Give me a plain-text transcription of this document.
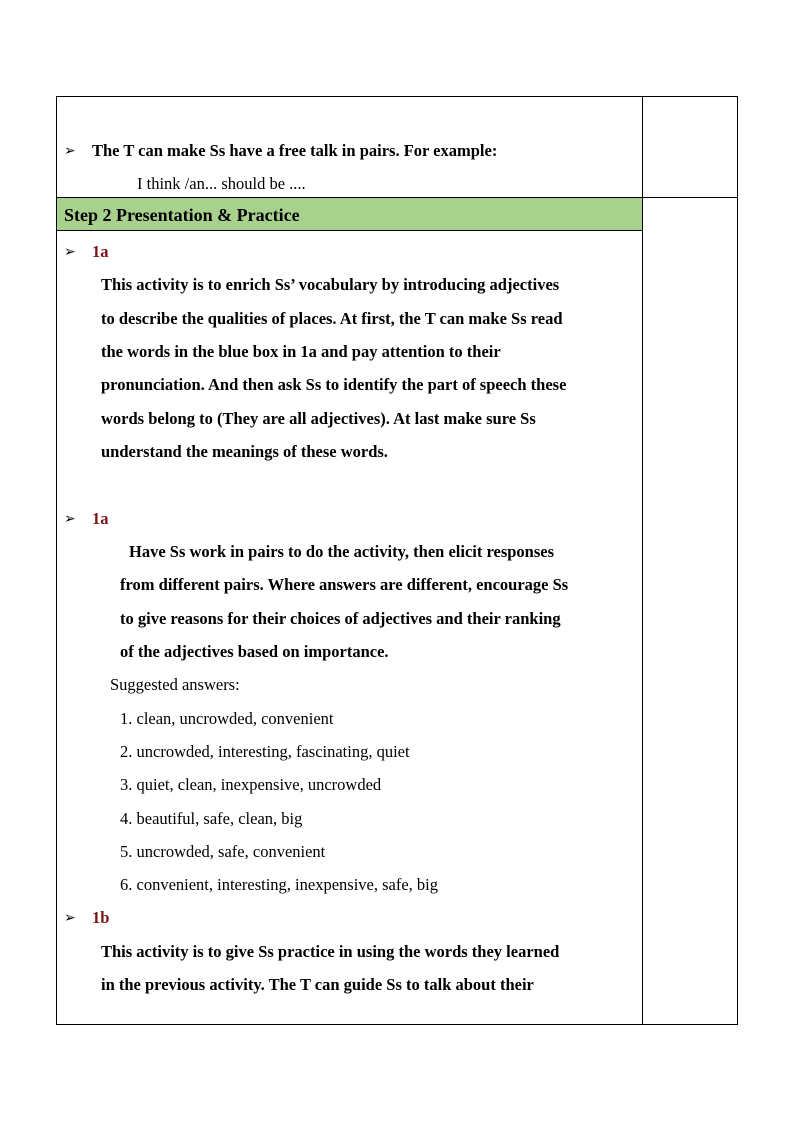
Step 2 Presentation & Practice
➢ The T can make Ss have a free talk in pairs. For example:
I think /an... should be ....
➢ 1a
This activity is to enrich Ss’ vocabulary by introducing adjectives
to describe the qualities of places. At first, the T can make Ss read
the words in the blue box in 1a and pay attention to their
pronunciation. And then ask Ss to identify the part of speech these
words belong to (They are all adjectives). At last make sure Ss
understand the meanings of these words.
➢ 1a
Have Ss work in pairs to do the activity, then elicit responses
from different pairs. Where answers are different, encourage Ss
to give reasons for their choices of adjectives and their ranking
of the adjectives based on importance.
Suggested answers:
1. clean, uncrowded, convenient
2. uncrowded, interesting, fascinating, quiet
3. quiet, clean, inexpensive, uncrowded
4. beautiful, safe, clean, big
5. uncrowded, safe, convenient
6. convenient, interesting, inexpensive, safe, big
➢ 1b
This activity is to give Ss practice in using the words they learned
in the previous activity. The T can guide Ss to talk about their
